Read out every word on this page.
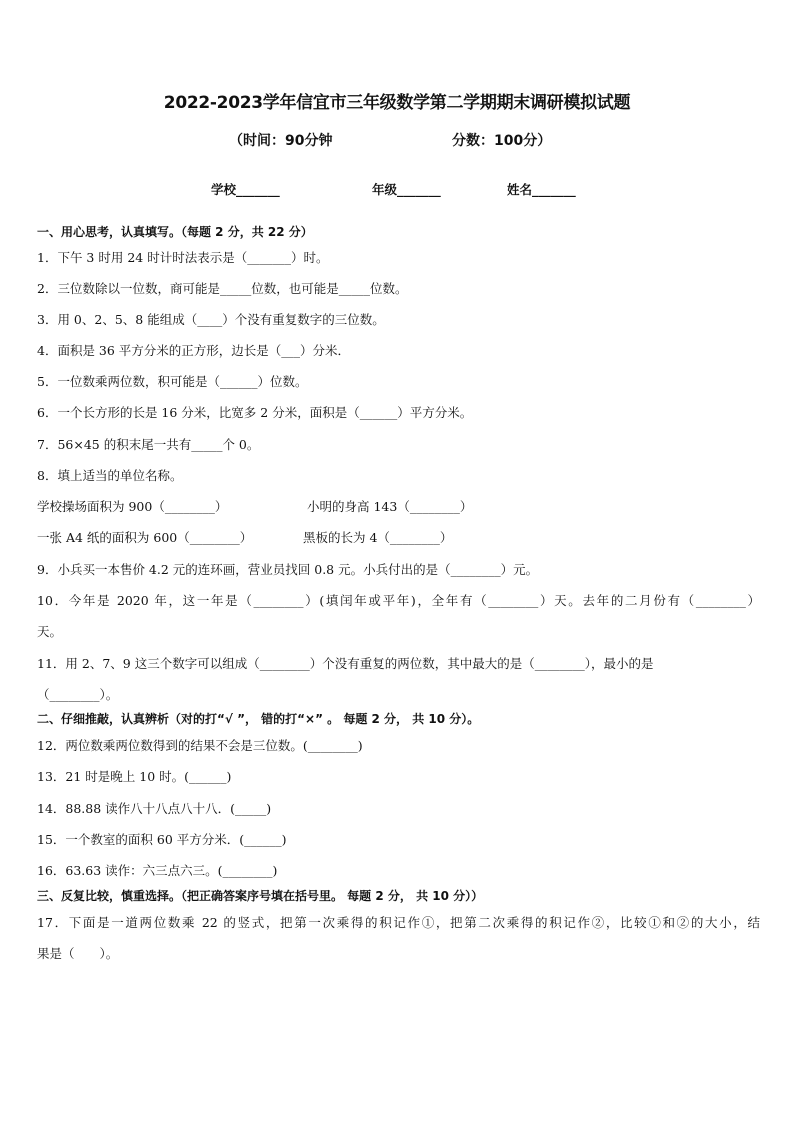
2022-2023学年信宜市三年级数学第二学期期末调研模拟试题
（时间：90分钟	分数：100分）
学校_______	年级_______	姓名_______
一、用心思考，认真填写。（每题 2 分，共 22 分）
1．下午 3 时用 24 时计时法表示是（_______）时。
2．三位数除以一位数，商可能是_____位数，也可能是_____位数。
3．用 0、2、5、8 能组成（____）个没有重复数字的三位数。
4．面积是 36 平方分米的正方形，边长是（___）分米．
5．一位数乘两位数，积可能是（______）位数。
6．一个长方形的长是 16 分米，比宽多 2 分米，面积是（______）平方分米。
7．56×45 的积末尾一共有_____个 0。
8．填上适当的单位名称。
学校操场面积为 900（________）	小明的身高 143（________）
一张 A4 纸的面积为 600（________）	黑板的长为 4（________）
9．小兵买一本售价 4.2 元的连环画，营业员找回 0.8 元。小兵付出的是（________）元。
10．今年是 2020 年，这一年是（________）(填闰年或平年)，全年有（________）天。去年的二月份有（________）
天。
11．用 2、7、9 这三个数字可以组成（________）个没有重复的两位数，其中最大的是（________），最小的是
（________）。
二、仔细推敲，认真辨析（对的打“√ ”， 错的打“×” 。 每题 2 分， 共 10 分）。
12．两位数乘两位数得到的结果不会是三位数。(________)
13．21 时是晚上 10 时。(______)
14．88.88 读作八十八点八十八．(_____)
15．一个教室的面积 60 平方分米．(______)
16．63.63 读作：六三点六三。(________)
三、反复比较，慎重选择。（把正确答案序号填在括号里。 每题 2 分， 共 10 分））
17．下面是一道两位数乘 22 的竖式，把第一次乘得的积记作①，把第二次乘得的积记作②，比较①和②的大小，结
果是（　　）。
